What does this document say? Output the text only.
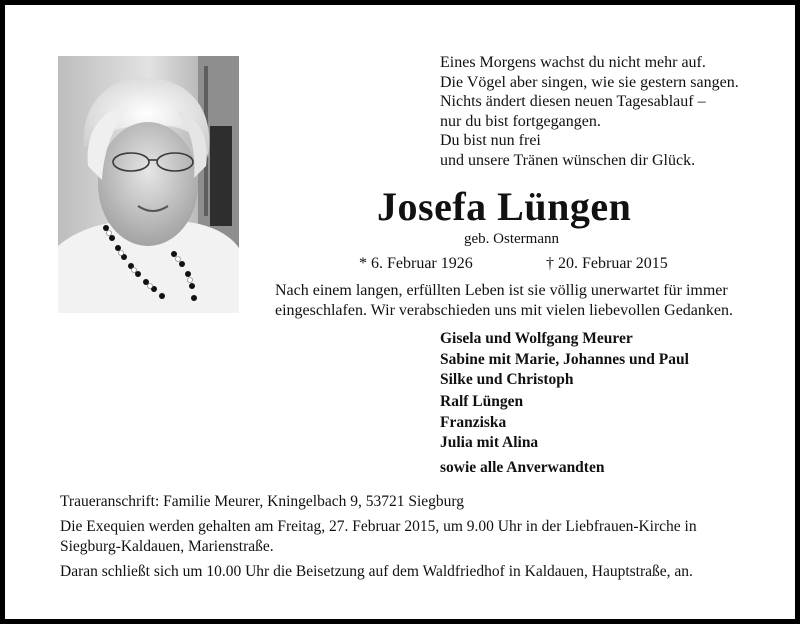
Eines Morgens wachst du nicht mehr auf.
Die Vögel aber singen, wie sie gestern sangen.
Nichts ändert diesen neuen Tagesablauf –
nur du bist fortgegangen.
Du bist nun frei
und unsere Tränen wünschen dir Glück.
Josefa Lüngen
geb. Ostermann
* 6. Februar 1926	† 20. Februar 2015
Nach einem langen, erfüllten Leben ist sie völlig unerwartet für immer
eingeschlafen. Wir verabschieden uns mit vielen liebevollen Gedanken.
Gisela und Wolfgang Meurer
Sabine mit Marie, Johannes und Paul
Silke und Christoph
Ralf Lüngen
Franziska
Julia mit Alina
sowie alle Anverwandten
Traueranschrift: Familie Meurer, Kningelbach 9, 53721 Siegburg
Die Exequien werden gehalten am Freitag, 27. Februar 2015, um 9.00 Uhr in der Liebfrauen-Kirche in
Siegburg-Kaldauen, Marienstraße.
Daran schließt sich um 10.00 Uhr die Beisetzung auf dem Waldfriedhof in Kaldauen, Hauptstraße, an.
